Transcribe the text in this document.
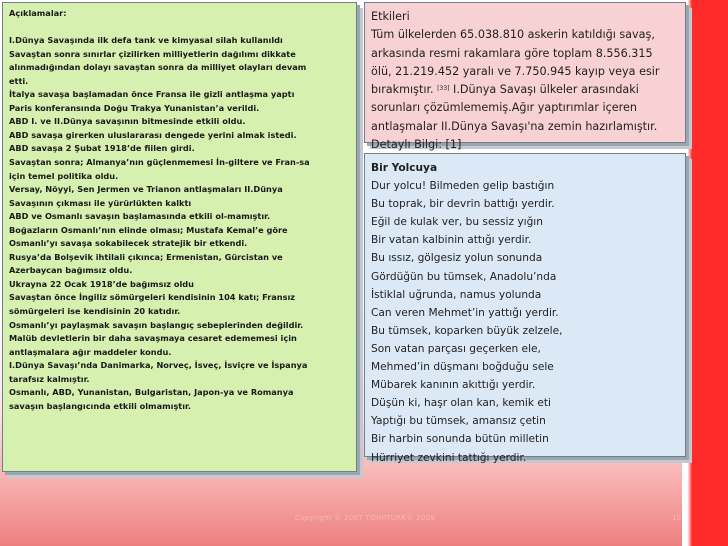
Açıklamalar:

I.Dünya Savaşında ilk defa tank ve kimyasal silah kullanıldı

Savaştan sonra sınırlar çizilirken milliyetlerin dağılımı dikkate

alınmadığından dolayı savaştan sonra da milliyet olayları devam

etti.

İtalya savaşa başlamadan önce Fransa ile gizli antlaşma yaptı

Paris konferansında Doğu Trakya Yunanistan’a verildi.

ABD I. ve II.Dünya savaşının bitmesinde etkili oldu.

ABD savaşa girerken uluslararası dengede yerini almak istedi.

ABD savaşa 2 Şubat 1918’de fiilen girdi.

Savaştan sonra; Almanya’nın güçlenmemesi İn-giltere ve Fran-sa

için temel politika oldu.

Versay, Nöyyi, Sen Jermen ve Trianon antlaşmaları II.Dünya

Savaşının çıkması ile yürürlükten kalktı

ABD ve Osmanlı savaşın başlamasında etkili ol-mamıştır.

Boğazların Osmanlı’nın elinde olması; Mustafa Kemal’e göre

Osmanlı’yı savaşa sokabilecek stratejik bir etkendi.

Rusya’da Bolşevik ihtilali çıkınca; Ermenistan, Gürcistan ve

Azerbaycan bağımsız oldu.

Ukrayna 22 Ocak 1918’de bağımsız oldu

Savaştan önce İngiliz sömürgeleri kendisinin 104 katı; Fransız

sömürgeleri ise kendisinin 20 katıdır.

Osmanlı’yı paylaşmak savaşın başlangıç sebeplerinden değildir.

Malüb devletlerin bir daha savaşmaya cesaret edememesi için

antlaşmalara ağır maddeler kondu.

I.Dünya Savaşı’nda Danimarka, Norveç, İsveç, İsviçre ve İspanya

tarafsız kalmıştır.

Osmanlı, ABD, Yunanistan, Bulgaristan, Japon-ya ve Romanya

savaşın başlangıcında etkili olmamıştır.

Etkileri
Tüm ülkelerden 65.038.810 askerin katıldığı savaş,
arkasında resmi rakamlara göre toplam 8.556.315
ölü, 21.219.452 yaralı ve 7.750.945 kayıp veya esir
bırakmıştır. [33] I.Dünya Savaşı ülkeler arasındaki
sorunları çözümlememiş.Ağır yaptırımlar içeren
antlaşmalar II.Dünya Savaşı'na zemin hazırlamıştır.
Detaylı Bilgi: [1]
Bir Yolcuya
Dur yolcu! Bilmeden gelip bastığın
Bu toprak, bir devrin battığı yerdir.
Eğil de kulak ver, bu sessiz yığın
Bir vatan kalbinin attığı yerdir.
Bu ıssız, gölgesiz yolun sonunda
Gördüğün bu tümsek, Anadolu’nda
İstiklal uğrunda, namus yolunda
Can veren Mehmet’in yattığı yerdir.
Bu tümsek, koparken büyük zelzele,
Son vatan parçası geçerken ele,
Mehmed’in düşmanı boğduğu sele
Mübarek kanının akıttığı yerdir.
Düşün ki, haşr olan kan, kemik eti
Yaptığı bu tümsek, amansız çetin
Bir harbin sonunda bütün milletin
Hürriyet zevkini tattığı yerdir.
Copyright © 2007 TOHRTURK© 2009	10
